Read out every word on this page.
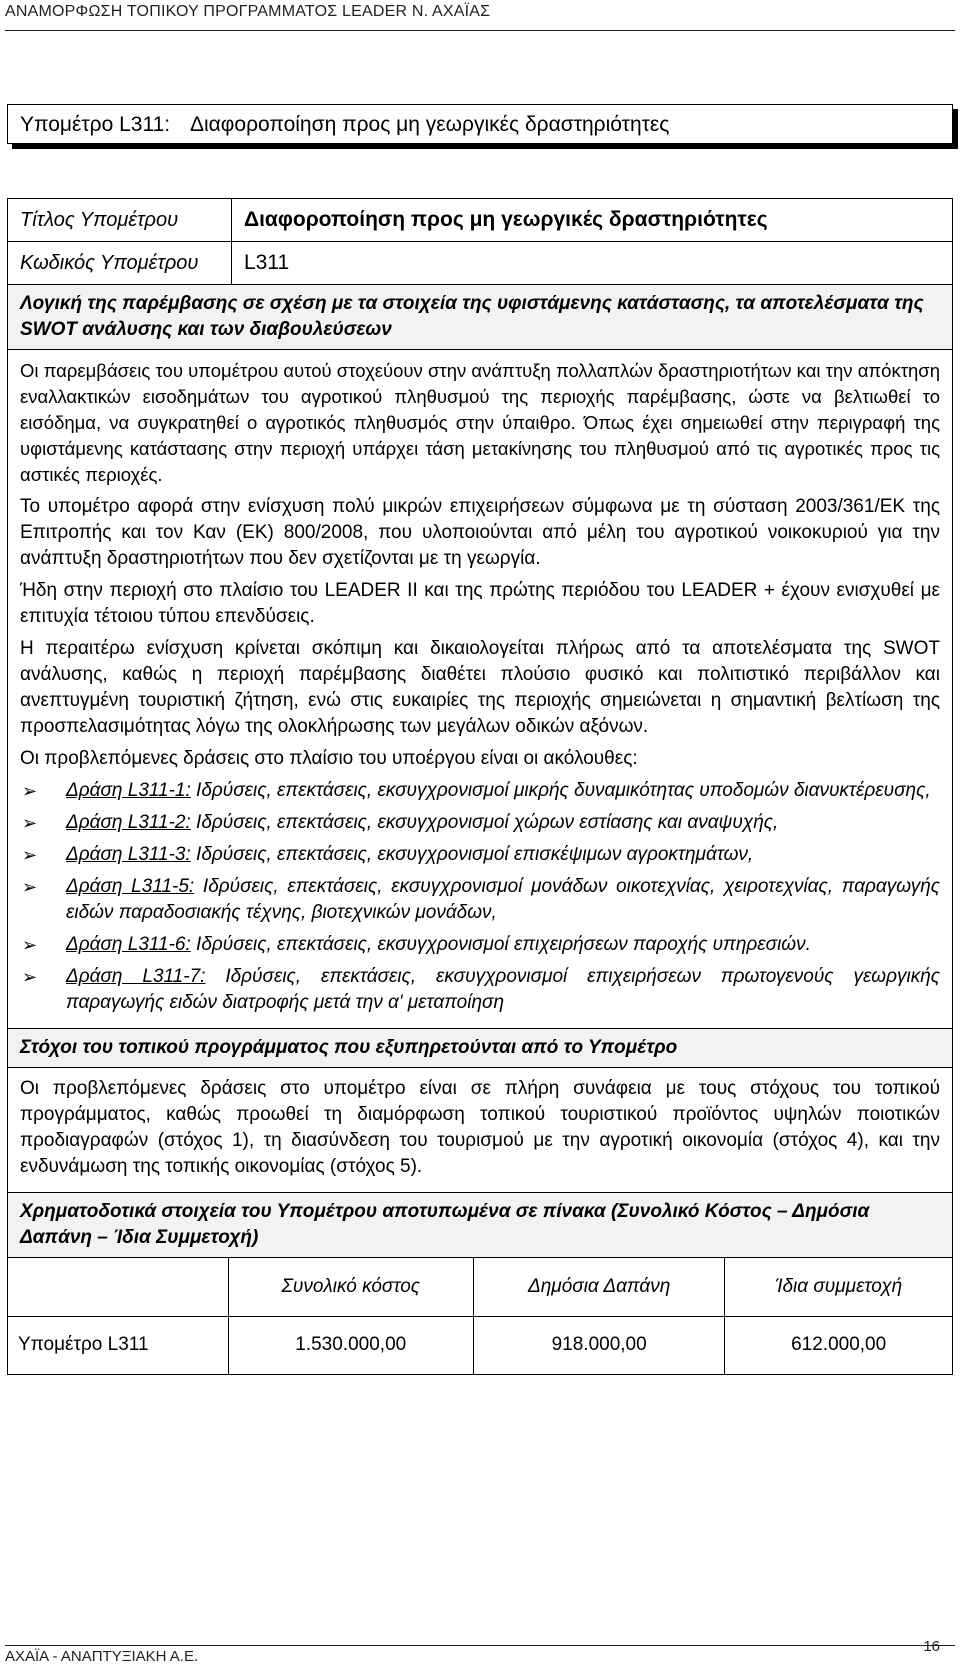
ΑΝΑΜΟΡΦΩΣΗ ΤΟΠΙΚΟΥ ΠΡΟΓΡΑΜΜΑΤΟΣ LEADER Ν. ΑΧΑΪΑΣ
Υπομέτρο L311: Διαφοροποίηση προς μη γεωργικές δραστηριότητες
Τίτλος Υπομέτρου	Διαφοροποίηση προς μη γεωργικές δραστηριότητες
Κωδικός Υπομέτρου	L311
Λογική της παρέμβασης σε σχέση με τα στοιχεία της υφιστάμενης κατάστασης, τα αποτελέσματα της SWOT ανάλυσης και των διαβουλεύσεων

Οι παρεμβάσεις του υπομέτρου αυτού στοχεύουν στην ανάπτυξη πολλαπλών δραστηριοτήτων και την απόκτηση εναλλακτικών εισοδημάτων του αγροτικού πληθυσμού της περιοχής παρέμβασης, ώστε να βελτιωθεί το εισόδημα, να συγκρατηθεί ο αγροτικός πληθυσμός στην ύπαιθρο. Όπως έχει σημειωθεί στην περιγραφή της υφιστάμενης κατάστασης στην περιοχή υπάρχει τάση μετακίνησης του πληθυσμού από τις αγροτικές προς τις αστικές περιοχές.

Το υπομέτρο αφορά στην ενίσχυση πολύ μικρών επιχειρήσεων σύμφωνα με τη σύσταση 2003/361/ΕΚ της Επιτροπής και τον Καν (ΕΚ) 800/2008, που υλοποιούνται από μέλη του αγροτικού νοικοκυριού για την ανάπτυξη δραστηριοτήτων που δεν σχετίζονται με τη γεωργία.

Ήδη στην περιοχή στο πλαίσιο του LEADER II και της πρώτης περιόδου του LEADER + έχουν ενισχυθεί με επιτυχία τέτοιου τύπου επενδύσεις.

Η περαιτέρω ενίσχυση κρίνεται σκόπιμη και δικαιολογείται πλήρως από τα αποτελέσματα της SWOT ανάλυσης, καθώς η περιοχή παρέμβασης διαθέτει πλούσιο φυσικό και πολιτιστικό περιβάλλον και ανεπτυγμένη τουριστική ζήτηση, ενώ στις ευκαιρίες της περιοχής σημειώνεται η σημαντική βελτίωση της προσπελασιμότητας λόγω της ολοκλήρωσης των μεγάλων οδικών αξόνων.

Οι προβλεπόμενες δράσεις στο πλαίσιο του υποέργου είναι οι ακόλουθες:

➢ Δράση L311-1: Ιδρύσεις, επεκτάσεις, εκσυγχρονισμοί μικρής δυναμικότητας υποδομών διανυκτέρευσης,
➢ Δράση L311-2: Ιδρύσεις, επεκτάσεις, εκσυγχρονισμοί χώρων εστίασης και αναψυχής,
➢ Δράση L311-3: Ιδρύσεις, επεκτάσεις, εκσυγχρονισμοί επισκέψιμων αγροκτημάτων,
➢ Δράση L311-5: Ιδρύσεις, επεκτάσεις, εκσυγχρονισμοί μονάδων οικοτεχνίας, χειροτεχνίας, παραγωγής ειδών παραδοσιακής τέχνης, βιοτεχνικών μονάδων,
➢ Δράση L311-6: Ιδρύσεις, επεκτάσεις, εκσυγχρονισμοί επιχειρήσεων παροχής υπηρεσιών.
➢ Δράση L311-7: Ιδρύσεις, επεκτάσεις, εκσυγχρονισμοί επιχειρήσεων πρωτογενούς γεωργικής παραγωγής ειδών διατροφής μετά την α' μεταποίηση

Στόχοι του τοπικού προγράμματος που εξυπηρετούνται από το Υπομέτρο

Οι προβλεπόμενες δράσεις στο υπομέτρο είναι σε πλήρη συνάφεια με τους στόχους του τοπικού προγράμματος, καθώς προωθεί τη διαμόρφωση τοπικού τουριστικού προϊόντος υψηλών ποιοτικών προδιαγραφών (στόχος 1), τη διασύνδεση του τουρισμού με την αγροτική οικονομία (στόχος 4), και την ενδυνάμωση της τοπικής οικονομίας (στόχος 5).

Χρηματοδοτικά στοιχεία του Υπομέτρου αποτυπωμένα σε πίνακα (Συνολικό Κόστος – Δημόσια Δαπάνη – Ίδια Συμμετοχή)

	Συνολικό κόστος	Δημόσια Δαπάνη	Ίδια συμμετοχή
Υπομέτρο L311	1.530.000,00	918.000,00	612.000,00
ΑΧΑΪΑ - ΑΝΑΠΤΥΞΙΑΚΗ Α.Ε.
16
